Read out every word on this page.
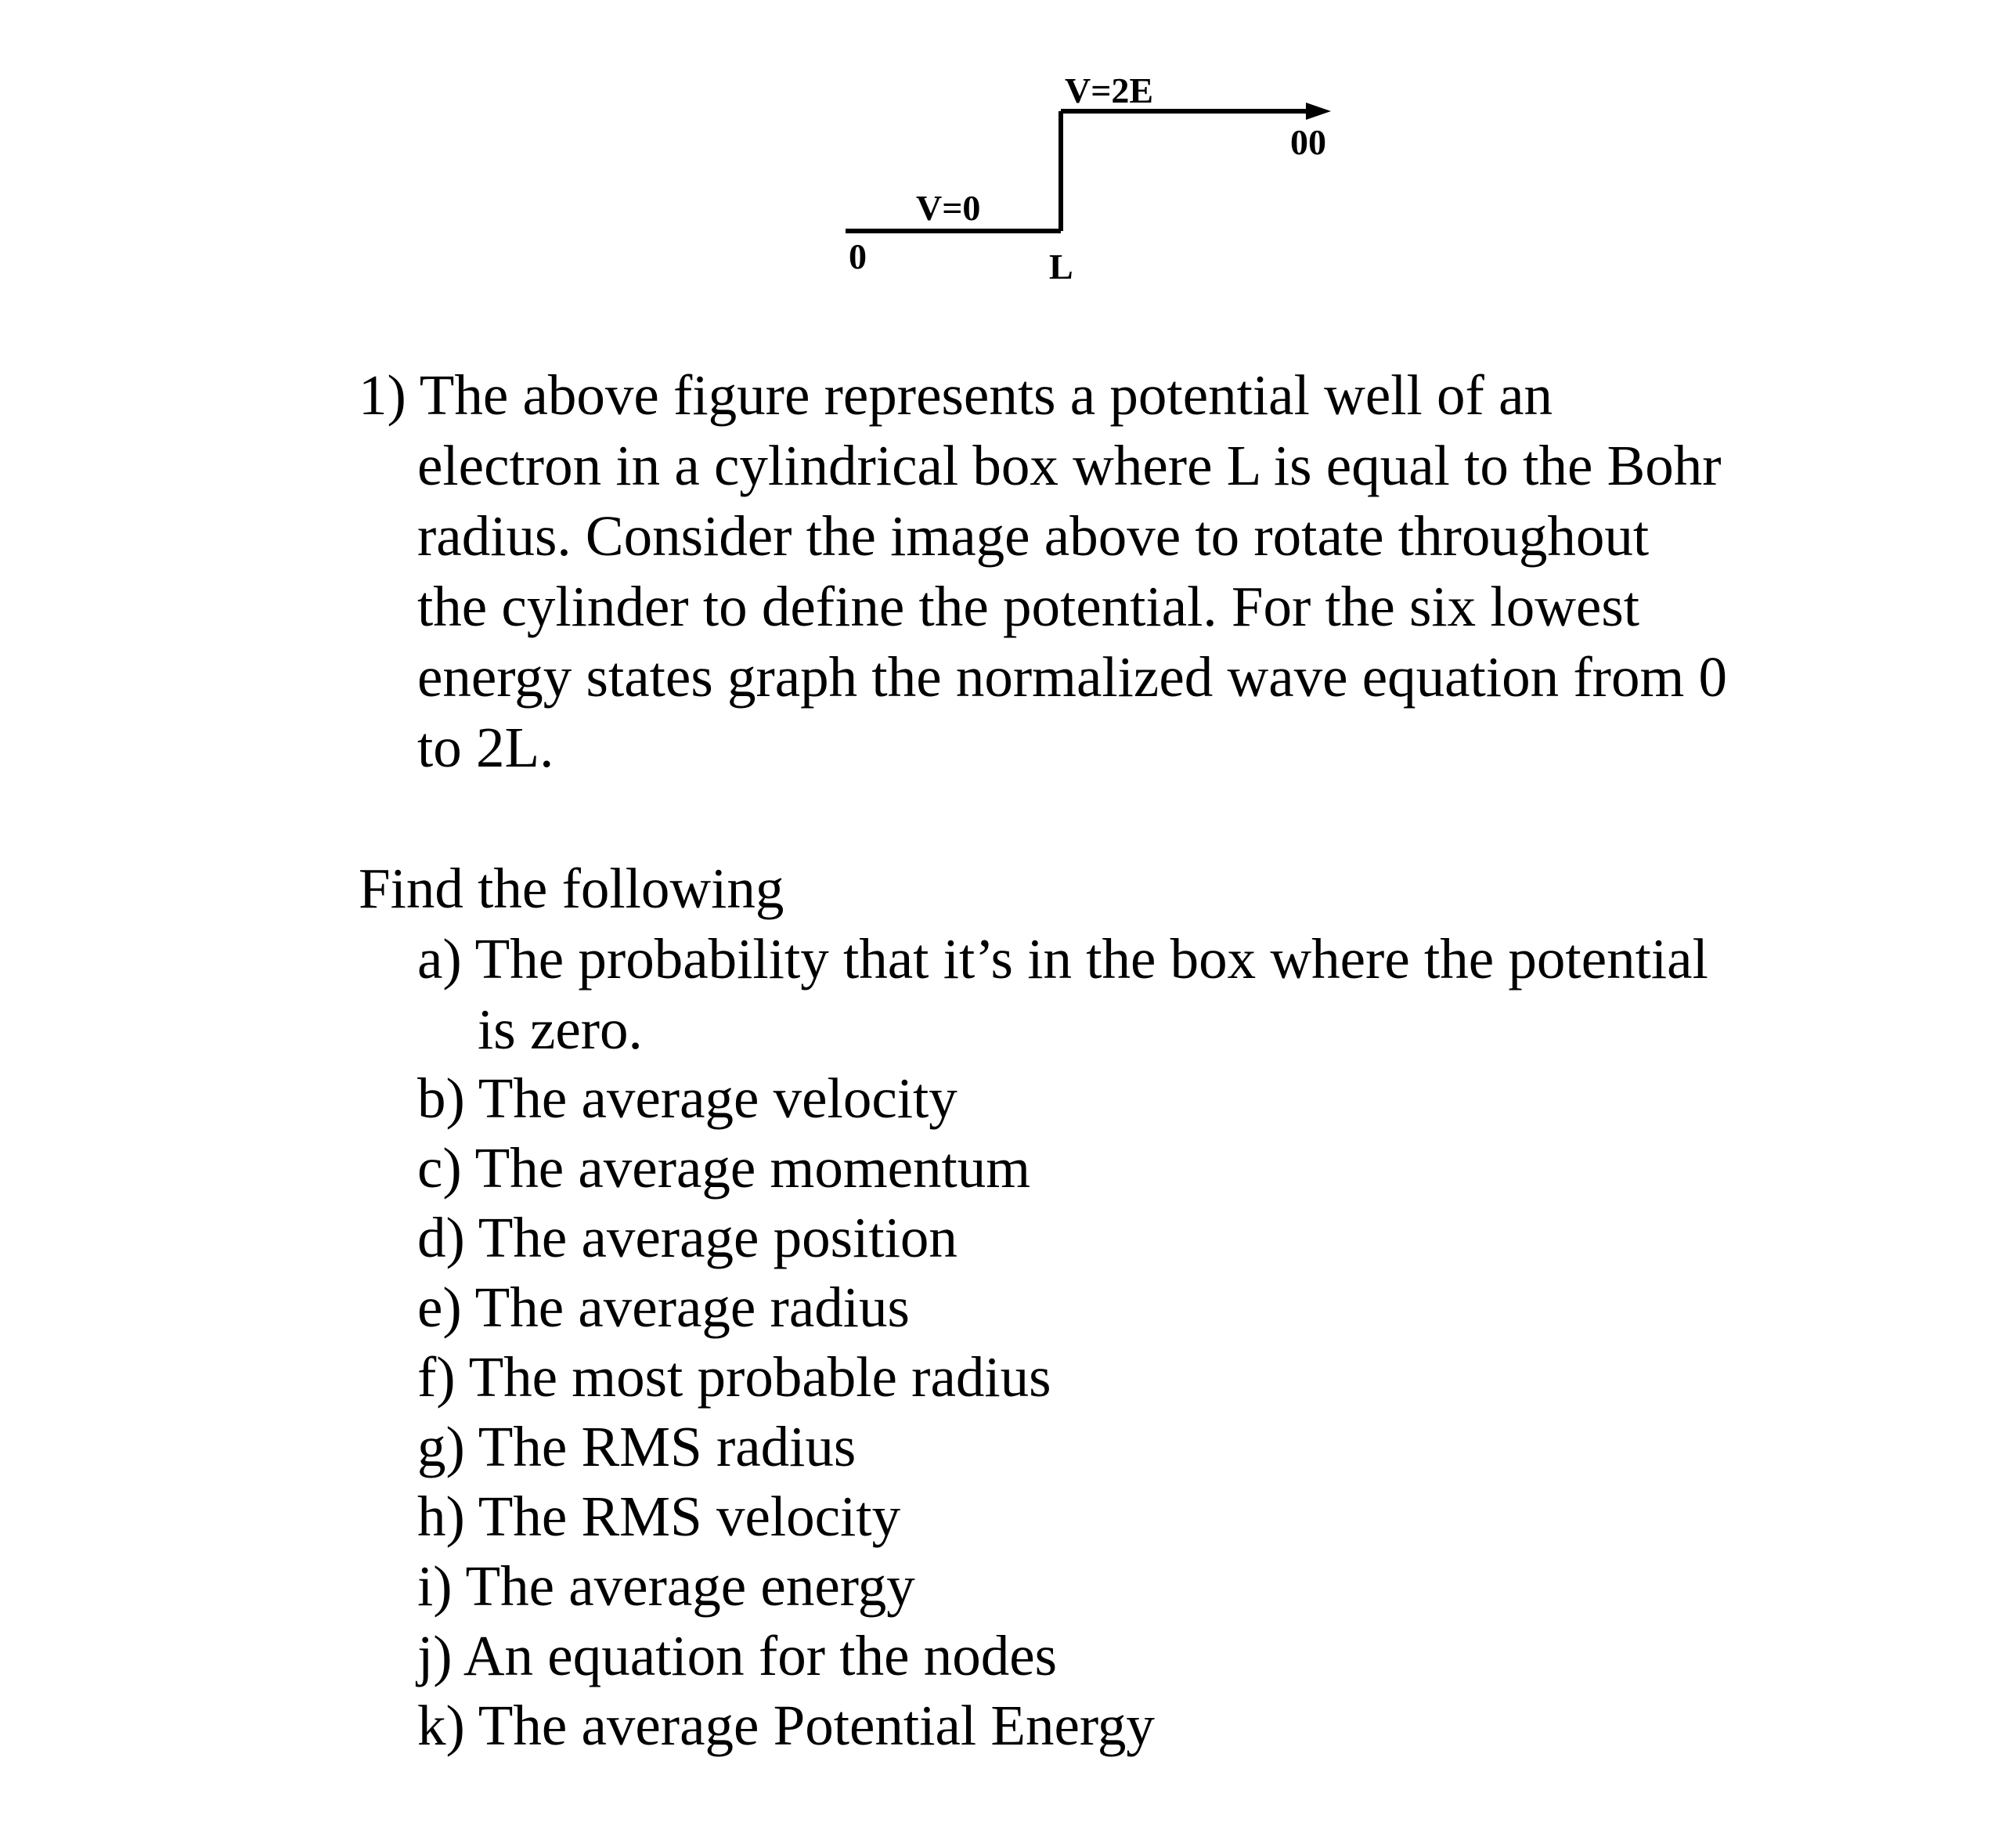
V=2E
00
V=0
0	L
1) The above figure represents a potential well of an
electron in a cylindrical box where L is equal to the Bohr
radius. Consider the image above to rotate throughout
the cylinder to define the potential. For the six lowest
energy states graph the normalized wave equation from 0
to 2L.
Find the following
a) The probability that it’s in the box where the potential
is zero.
b) The average velocity
c) The average momentum
d) The average position
e) The average radius
f) The most probable radius
g) The RMS radius
h) The RMS velocity
i) The average energy
j) An equation for the nodes
k) The average Potential Energy
